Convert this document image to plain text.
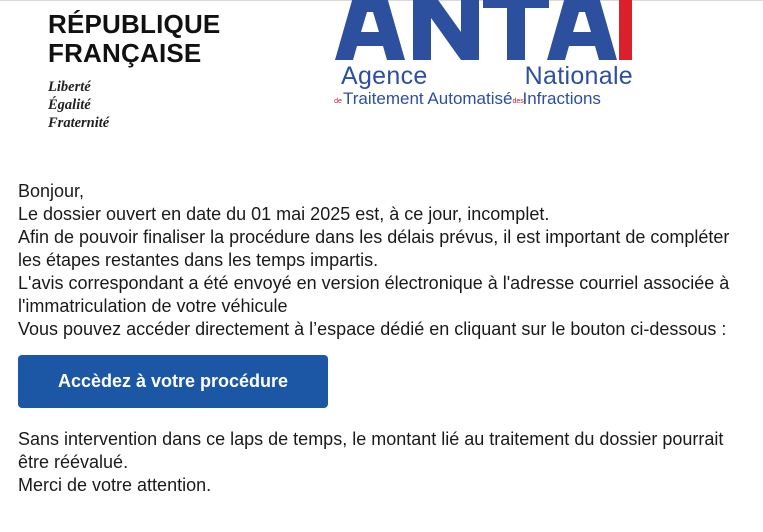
RÉPUBLIQUE
FRANÇAISE
Liberté
Égalité
Fraternité
Agence	Nationale
deTraitement AutomatisédesInfractions

Bonjour,

Le dossier ouvert en date du 01 mai 2025 est, à ce jour, incomplet.

Afin de pouvoir finaliser la procédure dans les délais prévus, il est important de compléter les étapes restantes dans les temps impartis.

L'avis correspondant a été envoyé en version électronique à l'adresse courriel associée à l'immatriculation de votre véhicule

Vous pouvez accéder directement à l’espace dédié en cliquant sur le bouton ci-dessous :

Accèdez à votre procédure

Sans intervention dans ce laps de temps, le montant lié au traitement du dossier pourrait être réévalué.

Merci de votre attention.
